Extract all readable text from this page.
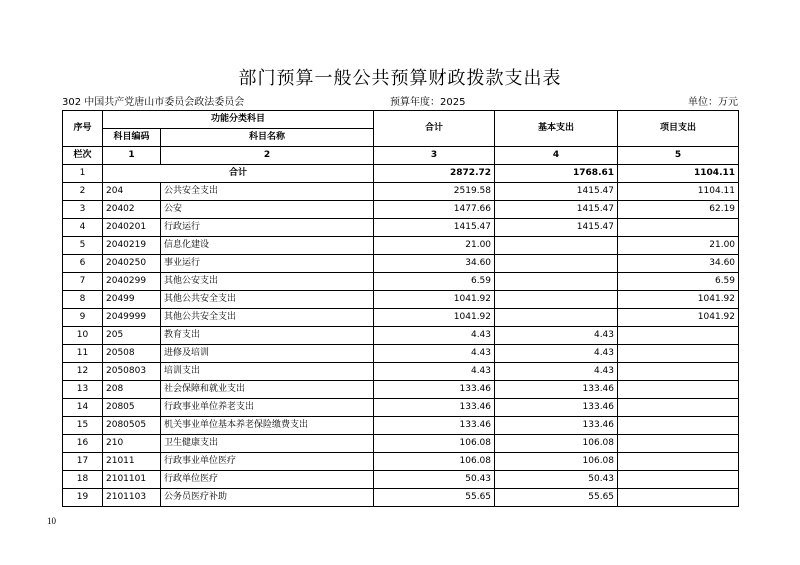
部门预算一般公共预算财政拨款支出表
302 中国共产党唐山市委员会政法委员会	预算年度：2025	单位：万元
序号	功能分类科目		合计	基本支出	项目支出
	科目编码	科目名称			
栏次	1	2	3	4	5
1	合计		2872.72	1768.61	1104.11
2	204	公共安全支出	2519.58	1415.47	1104.11
3	20402	公安	1477.66	1415.47	62.19
4	2040201	行政运行	1415.47	1415.47	
5	2040219	信息化建设	21.00		21.00
6	2040250	事业运行	34.60		34.60
7	2040299	其他公安支出	6.59		6.59
8	20499	其他公共安全支出	1041.92		1041.92
9	2049999	其他公共安全支出	1041.92		1041.92
10	205	教育支出	4.43	4.43	
11	20508	进修及培训	4.43	4.43	
12	2050803	培训支出	4.43	4.43	
13	208	社会保障和就业支出	133.46	133.46	
14	20805	行政事业单位养老支出	133.46	133.46	
15	2080505	机关事业单位基本养老保险缴费支出	133.46	133.46	
16	210	卫生健康支出	106.08	106.08	
17	21011	行政事业单位医疗	106.08	106.08	
18	2101101	行政单位医疗	50.43	50.43	
19	2101103	公务员医疗补助	55.65	55.65	
10
